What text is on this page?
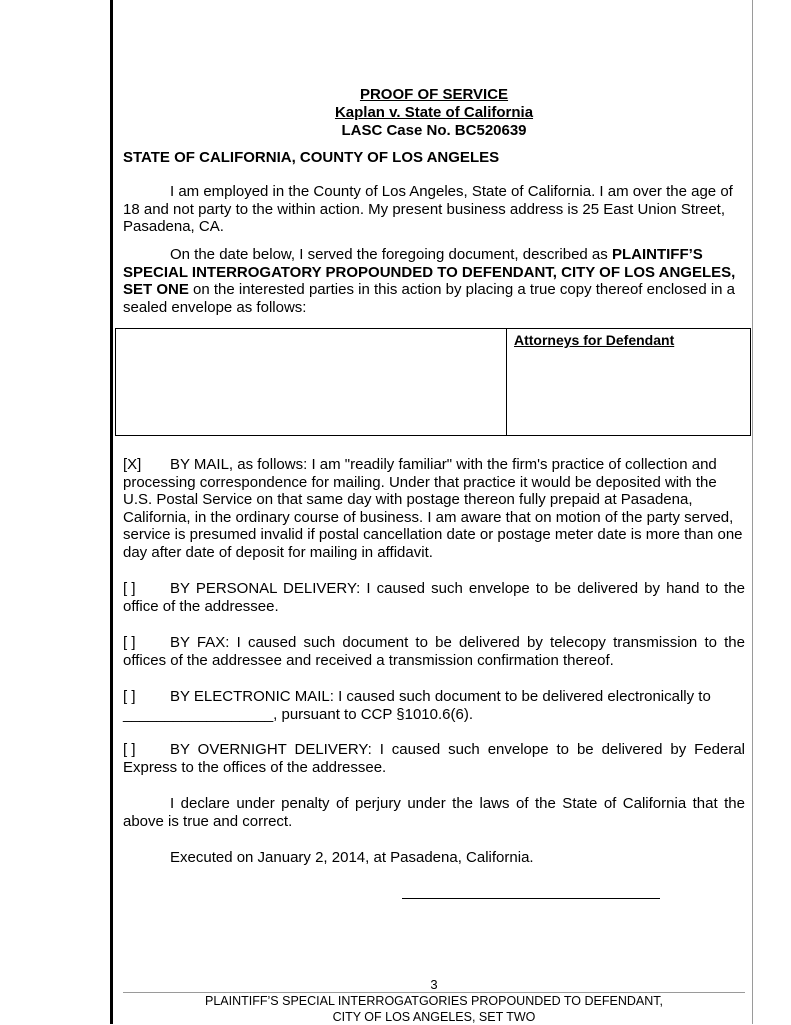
PROOF OF SERVICE
Kaplan v. State of California
LASC Case No. BC520639
STATE OF CALIFORNIA, COUNTY OF LOS ANGELES

I am employed in the County of Los Angeles, State of California. I am over the age of 18 and not party to the within action. My present business address is 25 East Union Street, Pasadena, CA.

On the date below, I served the foregoing document, described as PLAINTIFF’S SPECIAL INTERROGATORY PROPOUNDED TO DEFENDANT, CITY OF LOS ANGELES, SET ONE on the interested parties in this action by placing a true copy thereof enclosed in a sealed envelope as follows:

Attorneys for Defendant

[X] BY MAIL, as follows: I am "readily familiar" with the firm's practice of collection and processing correspondence for mailing. Under that practice it would be deposited with the U.S. Postal Service on that same day with postage thereon fully prepaid at Pasadena, California, in the ordinary course of business. I am aware that on motion of the party served, service is presumed invalid if postal cancellation date or postage meter date is more than one day after date of deposit for mailing in affidavit.

[ ] BY PERSONAL DELIVERY: I caused such envelope to be delivered by hand to the office of the addressee.

[ ] BY FAX: I caused such document to be delivered by telecopy transmission to the offices of the addressee and received a transmission confirmation thereof.

[ ] BY ELECTRONIC MAIL: I caused such document to be delivered electronically to __________________, pursuant to CCP §1010.6(6).

[ ] BY OVERNIGHT DELIVERY: I caused such envelope to be delivered by Federal Express to the offices of the addressee.

I declare under penalty of perjury under the laws of the State of California that the above is true and correct.

Executed on January 2, 2014, at Pasadena, California.

3
PLAINTIFF’S SPECIAL INTERROGATGORIES PROPOUNDED TO DEFENDANT,
CITY OF LOS ANGELES, SET TWO
